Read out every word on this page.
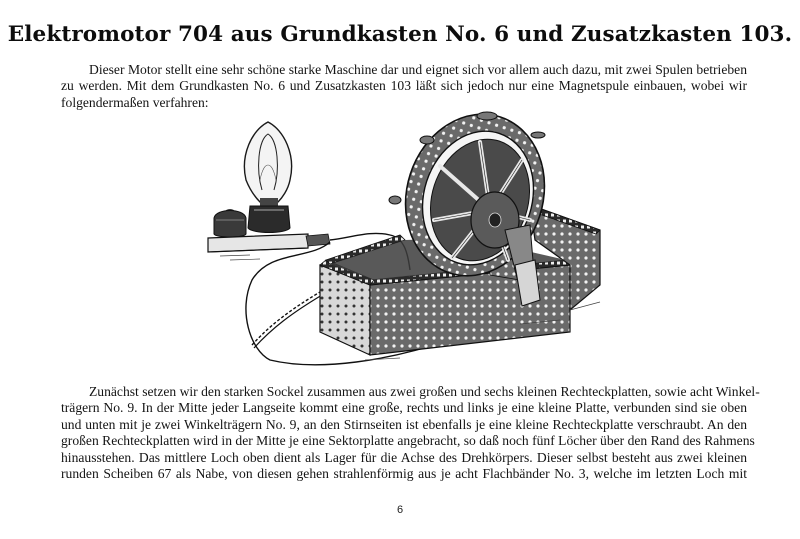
Elektromotor 704 aus Grundkasten No. 6 und Zusatzkasten 103.
Dieser Motor stellt eine sehr schöne starke Maschine dar und eignet sich vor allem auch dazu, mit zwei Spulen betrieben
zu werden. Mit dem Grundkasten No. 6 und Zusatzkasten 103 läßt sich jedoch nur eine Magnetspule einbauen, wobei wir
folgendermaßen verfahren:
Zunächst setzen wir den starken Sockel zusammen aus zwei großen und sechs kleinen Rechteckplatten, sowie acht Winkel-
trägern No. 9. In der Mitte jeder Langseite kommt eine große, rechts und links je eine kleine Platte, verbunden sind sie oben
und unten mit je zwei Winkelträgern No. 9, an den Stirnseiten ist ebenfalls je eine kleine Rechteckplatte verschraubt. An den
großen Rechteckplatten wird in der Mitte je eine Sektorplatte angebracht, so daß noch fünf Löcher über den Rand des Rahmens
hinausstehen. Das mittlere Loch oben dient als Lager für die Achse des Drehkörpers. Dieser selbst besteht aus zwei kleinen
runden Scheiben 67 als Nabe, von diesen gehen strahlenförmig aus je acht Flachbänder No. 3, welche im letzten Loch mit
6
